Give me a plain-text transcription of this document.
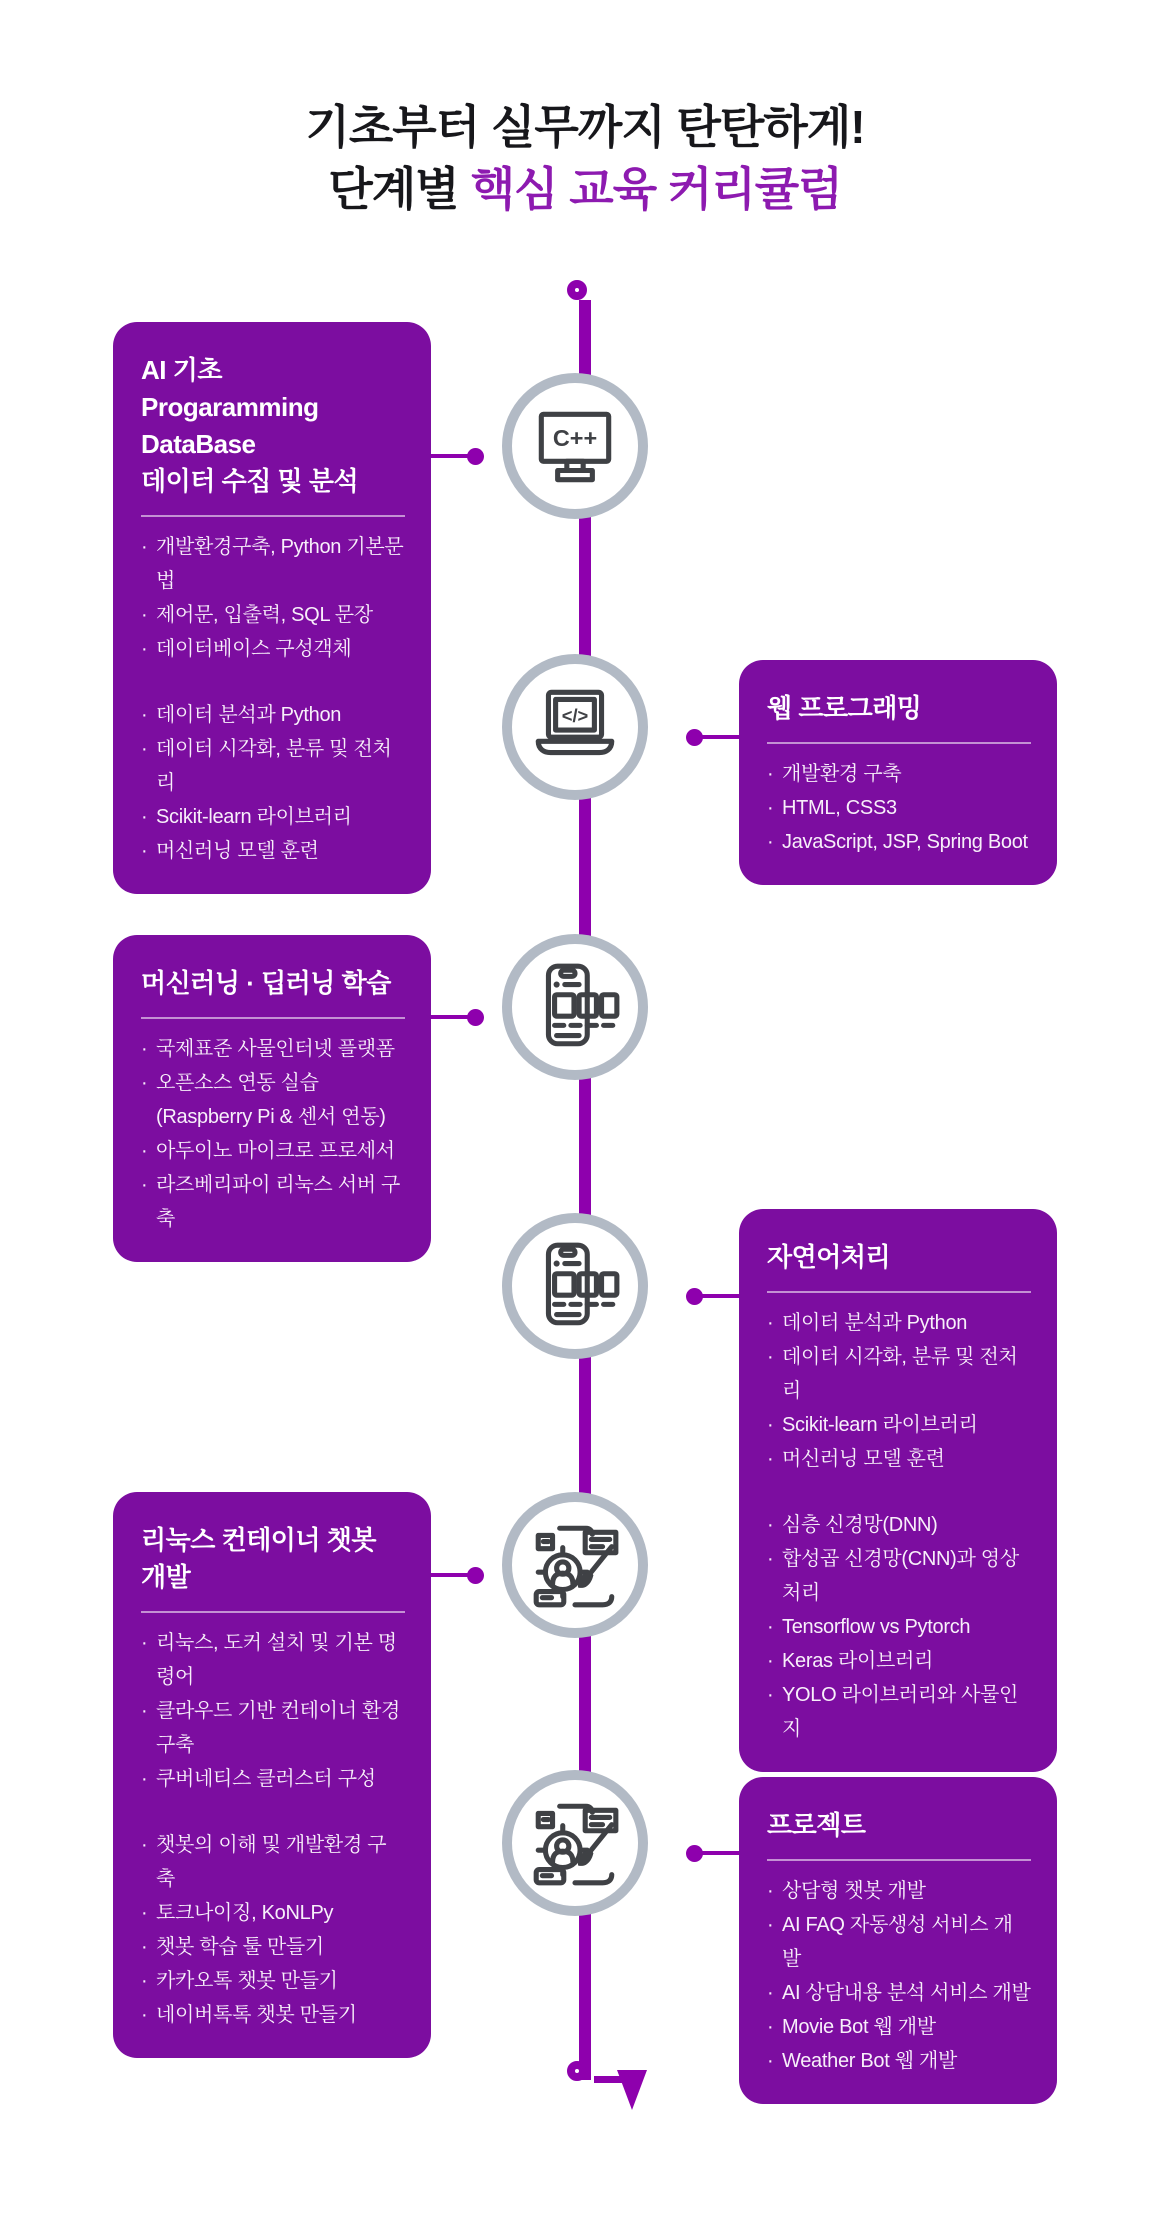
기초부터 실무까지 탄탄하게!
단계별 핵심 교육 커리큘럼
C++
</>
AI 기초 Progaramming
DataBase
데이터 수집 및 분석
· 개발환경구축, Python 기본문법
· 제어문, 입출력, SQL 문장
· 데이터베이스 구성객체
· 데이터 분석과 Python
· 데이터 시각화, 분류 및 전처리
· Scikit-learn 라이브러리
· 머신러닝 모델 훈련
웹 프로그래밍
· 개발환경 구축
· HTML, CSS3
· JavaScript, JSP, Spring Boot
머신러닝 · 딥러닝 학습
· 국제표준 사물인터넷 플랫폼
· 오픈소스 연동 실습
(Raspberry Pi & 센서 연동)
· 아두이노 마이크로 프로세서
· 라즈베리파이 리눅스 서버 구축
자연어처리
· 데이터 분석과 Python
· 데이터 시각화, 분류 및 전처리
· Scikit-learn 라이브러리
· 머신러닝 모델 훈련
· 심층 신경망(DNN)
· 합성곱 신경망(CNN)과 영상처리
· Tensorflow vs Pytorch
· Keras 라이브러리
· YOLO 라이브러리와 사물인지
리눅스 컨테이너 챗봇 개발
· 리눅스, 도커 설치 및 기본 명령어
· 클라우드 기반 컨테이너 환경 구축
· 쿠버네티스 클러스터 구성
· 챗봇의 이해 및 개발환경 구축
· 토크나이징, KoNLPy
· 챗봇 학습 툴 만들기
· 카카오톡 챗봇 만들기
· 네이버톡톡 챗봇 만들기
프로젝트
· 상담형 챗봇 개발
· AI FAQ 자동생성 서비스 개발
· AI 상담내용 분석 서비스 개발
· Movie Bot 웹 개발
· Weather Bot 웹 개발
